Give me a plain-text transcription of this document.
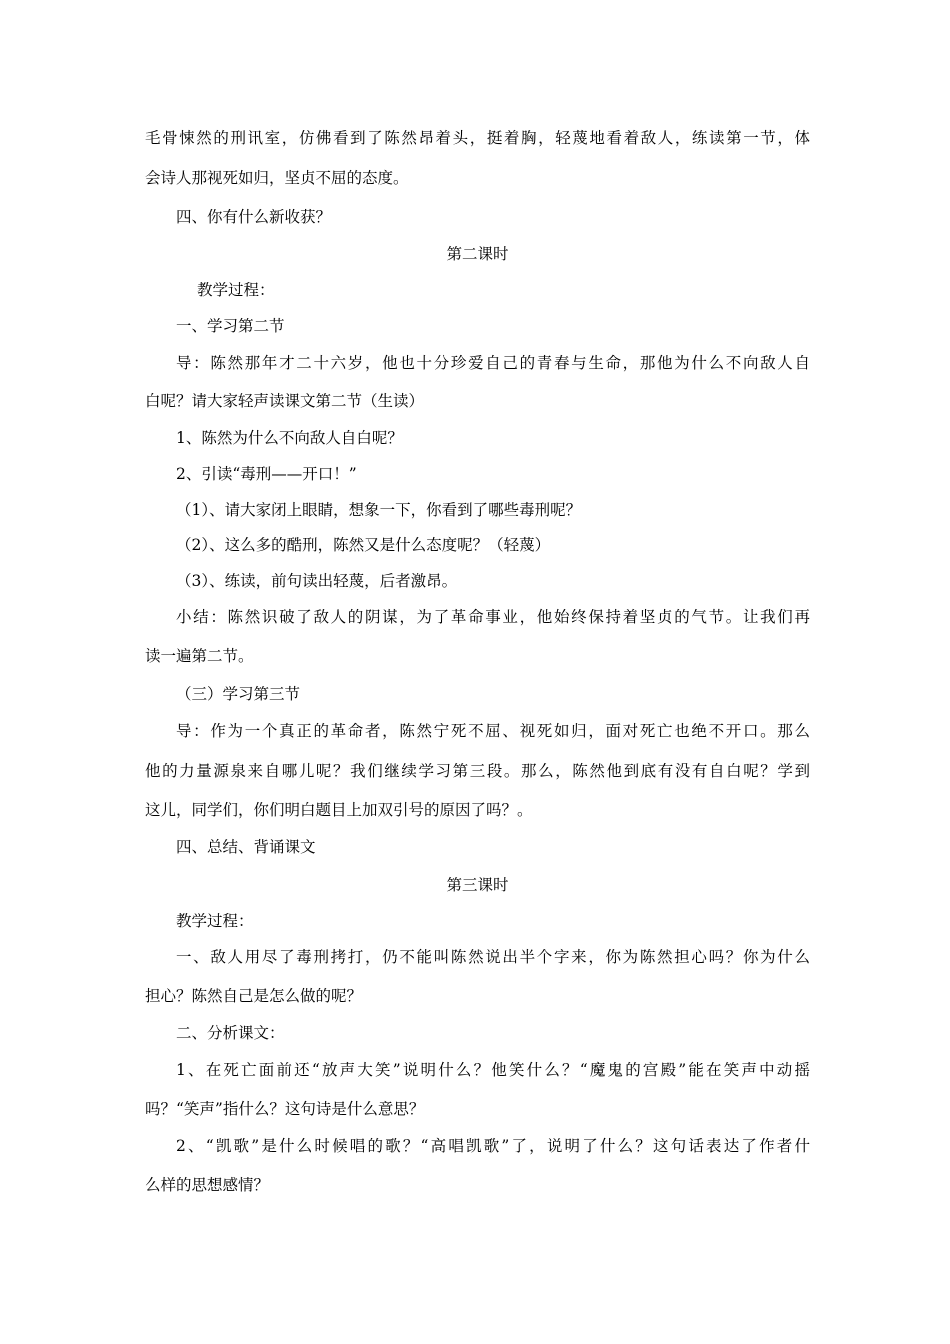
毛骨悚然的刑讯室，仿佛看到了陈然昂着头，挺着胸，轻蔑地看着敌人，练读第一节，体
会诗人那视死如归，坚贞不屈的态度。
四、你有什么新收获？
第二课时
教学过程：
一、学习第二节
导：陈然那年才二十六岁，他也十分珍爱自己的青春与生命，那他为什么不向敌人自
白呢？请大家轻声读课文第二节（生读）
1、陈然为什么不向敌人自白呢？
2、引读“毒刑——开口！”
（1）、请大家闭上眼睛，想象一下，你看到了哪些毒刑呢？
（2）、这么多的酷刑，陈然又是什么态度呢？（轻蔑）
（3）、练读，前句读出轻蔑，后者激昂。
小结：陈然识破了敌人的阴谋，为了革命事业，他始终保持着坚贞的气节。让我们再
读一遍第二节。
（三）学习第三节
导：作为一个真正的革命者，陈然宁死不屈、视死如归，面对死亡也绝不开口。那么
他的力量源泉来自哪儿呢？我们继续学习第三段。那么，陈然他到底有没有自白呢？学到
这儿，同学们，你们明白题目上加双引号的原因了吗？。
四、总结、背诵课文
第三课时
教学过程：
一、敌人用尽了毒刑拷打，仍不能叫陈然说出半个字来，你为陈然担心吗？你为什么
担心？陈然自己是怎么做的呢？
二、分析课文：
1、在死亡面前还“放声大笑”说明什么？他笑什么？“魔鬼的宫殿”能在笑声中动摇
吗？“笑声”指什么？这句诗是什么意思？
2、“凯歌”是什么时候唱的歌？“高唱凯歌”了，说明了什么？这句话表达了作者什
么样的思想感情？
